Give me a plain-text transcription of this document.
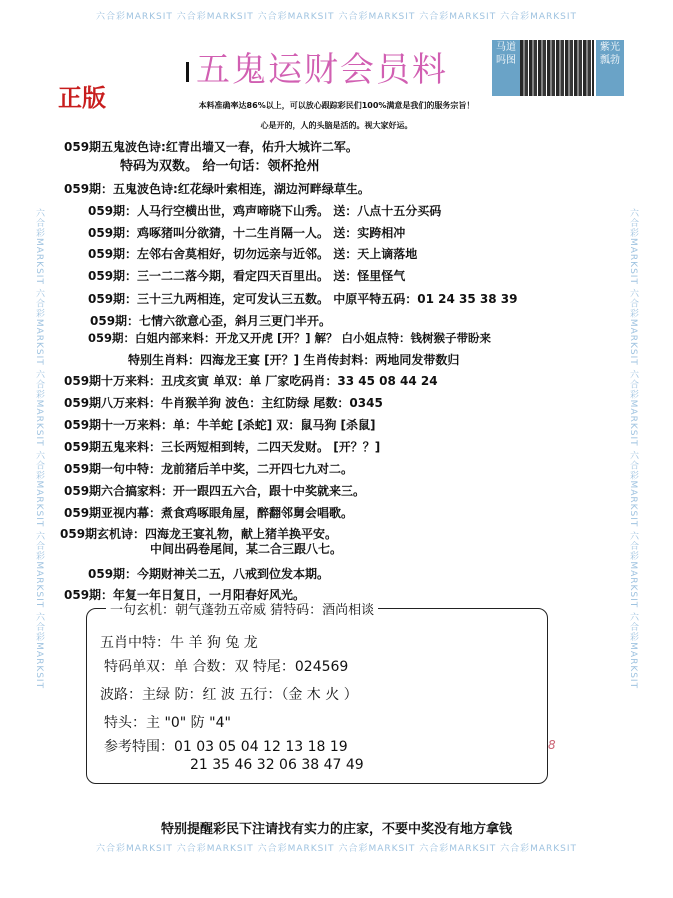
六合彩MARKSIT 六合彩MARKSIT 六合彩MARKSIT 六合彩MARKSIT 六合彩MARKSIT 六合彩MARKSIT
六合彩MARKSIT 六合彩MARKSIT 六合彩MARKSIT 六合彩MARKSIT 六合彩MARKSIT 六合彩MARKSIT
六合彩MARKSIT 六合彩MARKSIT 六合彩MARKSIT 六合彩MARKSIT 六合彩MARKSIT 六合彩MARKSIT
六合彩MARKSIT 六合彩MARKSIT 六合彩MARKSIT 六合彩MARKSIT 六合彩MARKSIT 六合彩MARKSIT
正版
五鬼运财会员料
马道吗图
紫光瓢勃
本料准确率达86%以上，可以放心跟踪彩民们100%满意是我们的服务宗旨！
心是开的，人的头脑是活的。视大家好运。
059期五鬼波色诗:红青出墙又一春，佑升大城许二军。
特码为双数。 给一句话：领杯抢州
059期：五鬼波色诗:红花绿叶索相连，湖边河畔绿草生。
059期：人马行空横出世，鸡声啼晓下山秀。 送：八点十五分买码
059期：鸡啄猪叫分欲猜，十二生肖隔一人。 送：实跨相冲
059期：左邻右舍莫相好，切勿远亲与近邻。 送：天上谪落地
059期：三一二二落今期，看定四天百里出。 送：怪里怪气
059期：三十三九两相连，定可发认三五数。 中原平特五码：01 24 35 38 39
059期：七情六欲意心歪，斜月三更门半开。
059期：白姐内部来料：开龙又开虎 [开？] 解？ 白小姐点特：钱树猴子带盼来
特别生肖料：四海龙王宴 [开？] 生肖传封料：两地同发带数归
059期十万来料：丑戌亥寅 单双：单 厂家吃码肖：33 45 08 44 24
059期八万来料：牛肖猴羊狗 波色：主红防绿 尾数：0345
059期十一万来料：单：牛羊蛇 [杀蛇] 双：鼠马狗 [杀鼠]
059期五鬼来料：三长两短相到转，二四天发财。 [开？？]
059期一句中特：龙前猪后羊中奖，二开四七九对二。
059期六合搞家料：开一跟四五六合，跟十中奖就来三。
059期亚视内幕：煮食鸡啄眼角屋，醉翻邻舅会唱歌。
059期玄机诗：四海龙王宴礼物，献上猪羊换平安。
中间出码卷尾间，某二合三跟八七。
059期：今期财神关二五，八戒到位发本期。
059期：年复一年日复日，一月阳春好风光。
一句玄机：朝气蓬勃五帝威 猜特码：酒尚相谈
五肖中特：牛 羊 狗 兔 龙
特码单双：单 合数：双 特尾：024569
波路：主绿 防：红 波 五行：（金 木 火 ）
特头：主 "0" 防 "4"
参考特围：01 03 05 04 12 13 18 19
21 35 46 32 06 38 47 49
8
特别提醒彩民下注请找有实力的庄家，不要中奖没有地方拿钱
